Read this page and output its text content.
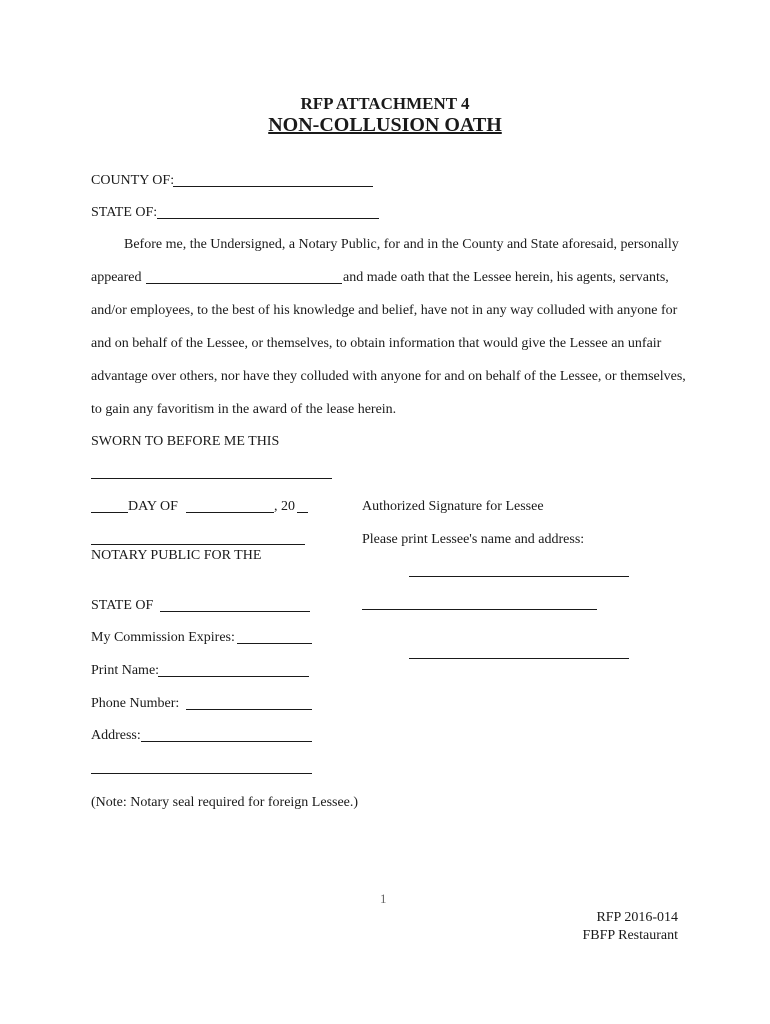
RFP ATTACHMENT 4
NON-COLLUSION OATH
COUNTY OF:
STATE OF:
Before me, the Undersigned, a Notary Public, for and in the County and State aforesaid, personally
appeared	and made oath that the Lessee herein, his agents, servants,
and/or employees, to the best of his knowledge and belief, have not in any way colluded with anyone for
and on behalf of the Lessee, or themselves, to obtain information that would give the Lessee an unfair
advantage over others, nor have they colluded with anyone for and on behalf of the Lessee, or themselves,
to gain any favoritism in the award of the lease herein.
SWORN TO BEFORE ME THIS
DAY OF	, 20
NOTARY PUBLIC FOR THE
STATE OF
My Commission Expires:
Print Name:
Phone Number:
Address:
(Note: Notary seal required for foreign Lessee.)
Authorized Signature for Lessee
Please print Lessee's name and address:
1
RFP 2016-014
FBFP Restaurant
